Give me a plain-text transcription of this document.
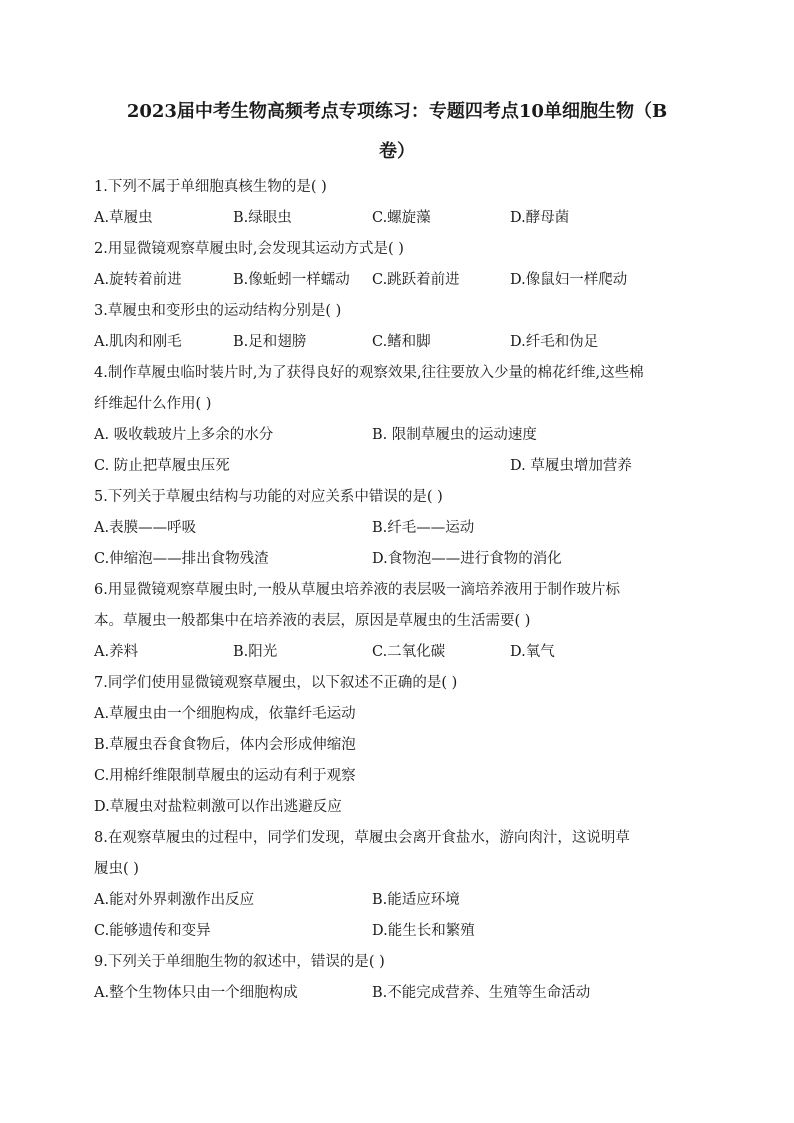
2023届中考生物高频考点专项练习：专题四考点10单细胞生物（B
卷）
1.下列不属于单细胞真核生物的是( )
A.草履虫	B.绿眼虫	C.螺旋藻	D.酵母菌
2.用显微镜观察草履虫时,会发现其运动方式是( )
A.旋转着前进	B.像蚯蚓一样蠕动 C.跳跃着前进	D.像鼠妇一样爬动
3.草履虫和变形虫的运动结构分别是( )
A.肌肉和刚毛	B.足和翅膀	C.鳍和脚	D.纤毛和伪足
4.制作草履虫临时装片时,为了获得良好的观察效果,往往要放入少量的棉花纤维,这些棉
纤维起什么作用( )
A. 吸收载玻片上多余的水分	B. 限制草履虫的运动速度
C. 防止把草履虫压死	D. 草履虫增加营养
5.下列关于草履虫结构与功能的对应关系中错误的是( )
A.表膜——呼吸	B.纤毛——运动
C.伸缩泡——排出食物残渣	D.食物泡——进行食物的消化
6.用显微镜观察草履虫时,一般从草履虫培养液的表层吸一滴培养液用于制作玻片标
本。草履虫一般都集中在培养液的表层，原因是草履虫的生活需要( )
A.养料	B.阳光	C.二氧化碳	D.氧气
7.同学们使用显微镜观察草履虫，以下叙述不正确的是( )
A.草履虫由一个细胞构成，依靠纤毛运动
B.草履虫吞食食物后，体内会形成伸缩泡
C.用棉纤维限制草履虫的运动有利于观察
D.草履虫对盐粒刺激可以作出逃避反应
8.在观察草履虫的过程中，同学们发现，草履虫会离开食盐水，游向肉汁，这说明草
履虫( )
A.能对外界刺激作出反应	B.能适应环境
C.能够遗传和变异	D.能生长和繁殖
9.下列关于单细胞生物的叙述中，错误的是( )
A.整个生物体只由一个细胞构成	B.不能完成营养、生殖等生命活动
